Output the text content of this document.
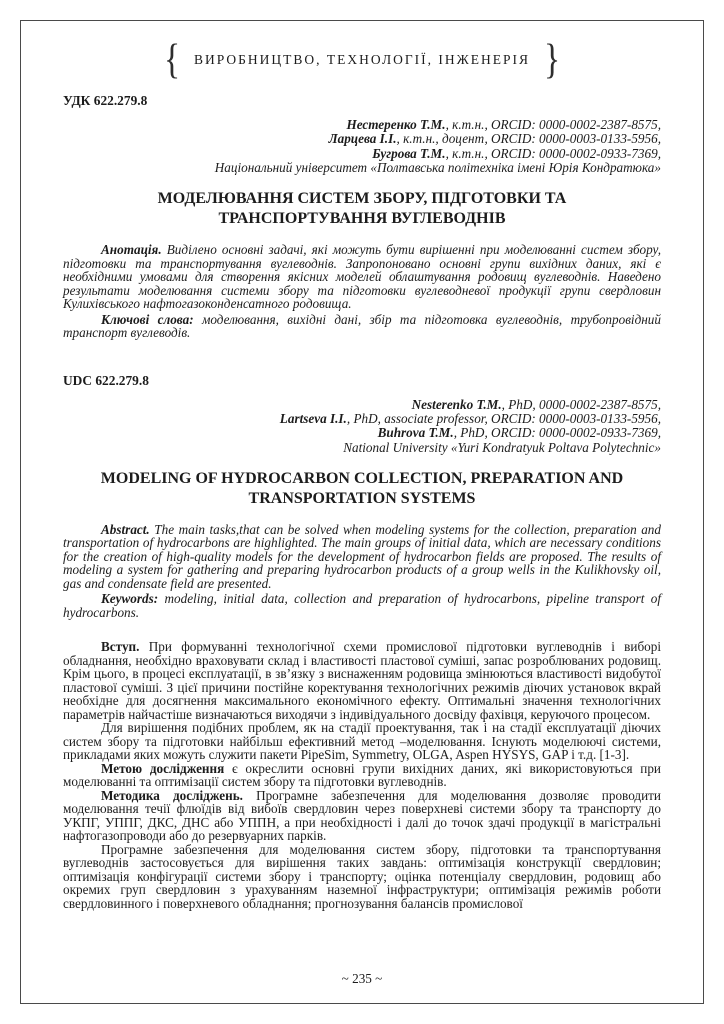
{ ВИРОБНИЦТВО, ТЕХНОЛОГІЇ, ІНЖЕНЕРІЯ }
УДК 622.279.8
Нестеренко Т.М., к.т.н., ORCID: 0000-0002-2387-8575,
Ларцева І.І., к.т.н., доцент, ORCID: 0000-0003-0133-5956,
Бугрова Т.М., к.т.н., ORCID: 0000-0002-0933-7369,
Національний університет «Полтавська політехніка імені Юрія Кондратюка»
МОДЕЛЮВАННЯ СИСТЕМ ЗБОРУ, ПІДГОТОВКИ ТА ТРАНСПОРТУВАННЯ ВУГЛЕВОДНІВ

Анотація. Виділено основні задачі, які можуть бути вирішенні при моделюванні систем збору, підготовки та транспортування вуглеводнів. Запропоновано основні групи вихідних даних, які є необхідними умовами для створення якісних моделей облаштування родовищ вуглеводнів. Наведено результати моделювання системи збору та підготовки вуглеводневої продукції групи свердловин Кулихівського нафтогазоконденсатного родовища.

Ключові слова: моделювання, вихідні дані, збір та підготовка вуглеводнів, трубопровідний транспорт вуглеводів.

UDC 622.279.8
Nesterenko T.M., PhD, 0000-0002-2387-8575,
Lartseva I.I., PhD, associate professor, ORCID: 0000-0003-0133-5956,
Buhrova T.M., PhD, ORCID: 0000-0002-0933-7369,
National University «Yuri Kondratyuk Poltava Polytechnic»
MODELING OF HYDROCARBON COLLECTION, PREPARATION AND TRANSPORTATION SYSTEMS

Abstract. The main tasks,that can be solved when modeling systems for the collection, preparation and transportation of hydrocarbons are highlighted. The main groups of initial data, which are necessary conditions for the creation of high-quality models for the development of hydrocarbon fields are proposed. The results of modeling a system for gathering and preparing hydrocarbon products of a group wells in the Kulikhovsky oil, gas and condensate field are presented.

Keywords: modeling, initial data, collection and preparation of hydrocarbons, pipeline transport of hydrocarbons.

Вступ. При формуванні технологічної схеми промислової підготовки вуглеводнів і виборі обладнання, необхідно враховувати склад і властивості пластової суміші, запас розроблюваних родовищ. Крім цього, в процесі експлуатації, в зв’язку з виснаженням родовища змінюються властивості видобутої пластової суміші. З цієї причини постійне коректування технологічних режимів діючих установок вкрай необхідне для досягнення максимального економічного ефекту. Оптимальні значення технологічних параметрів найчастіше визначаються виходячи з індивідуального досвіду фахівця, керуючого процесом.

Для вирішення подібних проблем, як на стадії проектування, так і на стадії експлуатації діючих систем збору та підготовки найбільш ефективний метод –моделювання. Існують моделюючі системи, прикладами яких можуть служити пакети PipeSim, Symmetry, OLGA, Aspen HYSYS, GAP і т.д. [1-3].

Метою дослідження є окреслити основні групи вихідних даних, які використовуються при моделюванні та оптимізації систем збору та підготовки вуглеводнів.

Методика досліджень. Програмне забезпечення для моделювання дозволяє проводити моделювання течії флюїдів від вибоїв свердловин через поверхневі системи збору та транспорту до УКПГ, УППГ, ДКС, ДНС або УППН, а при необхідності і далі до точок здачі продукції в магістральні нафтогазопроводи або до резервуарних парків.

Програмне забезпечення для моделювання систем збору, підготовки та транспортування вуглеводнів застосовується для вирішення таких завдань: оптимізація конструкції свердловин; оптимізація конфігурації системи збору і транспорту; оцінка потенціалу свердловин, родовищ або окремих груп свердловин з урахуванням наземної інфраструктури; оптимізація режимів роботи свердловинного і поверхневого обладнання; прогнозування балансів промислової

~ 235 ~
